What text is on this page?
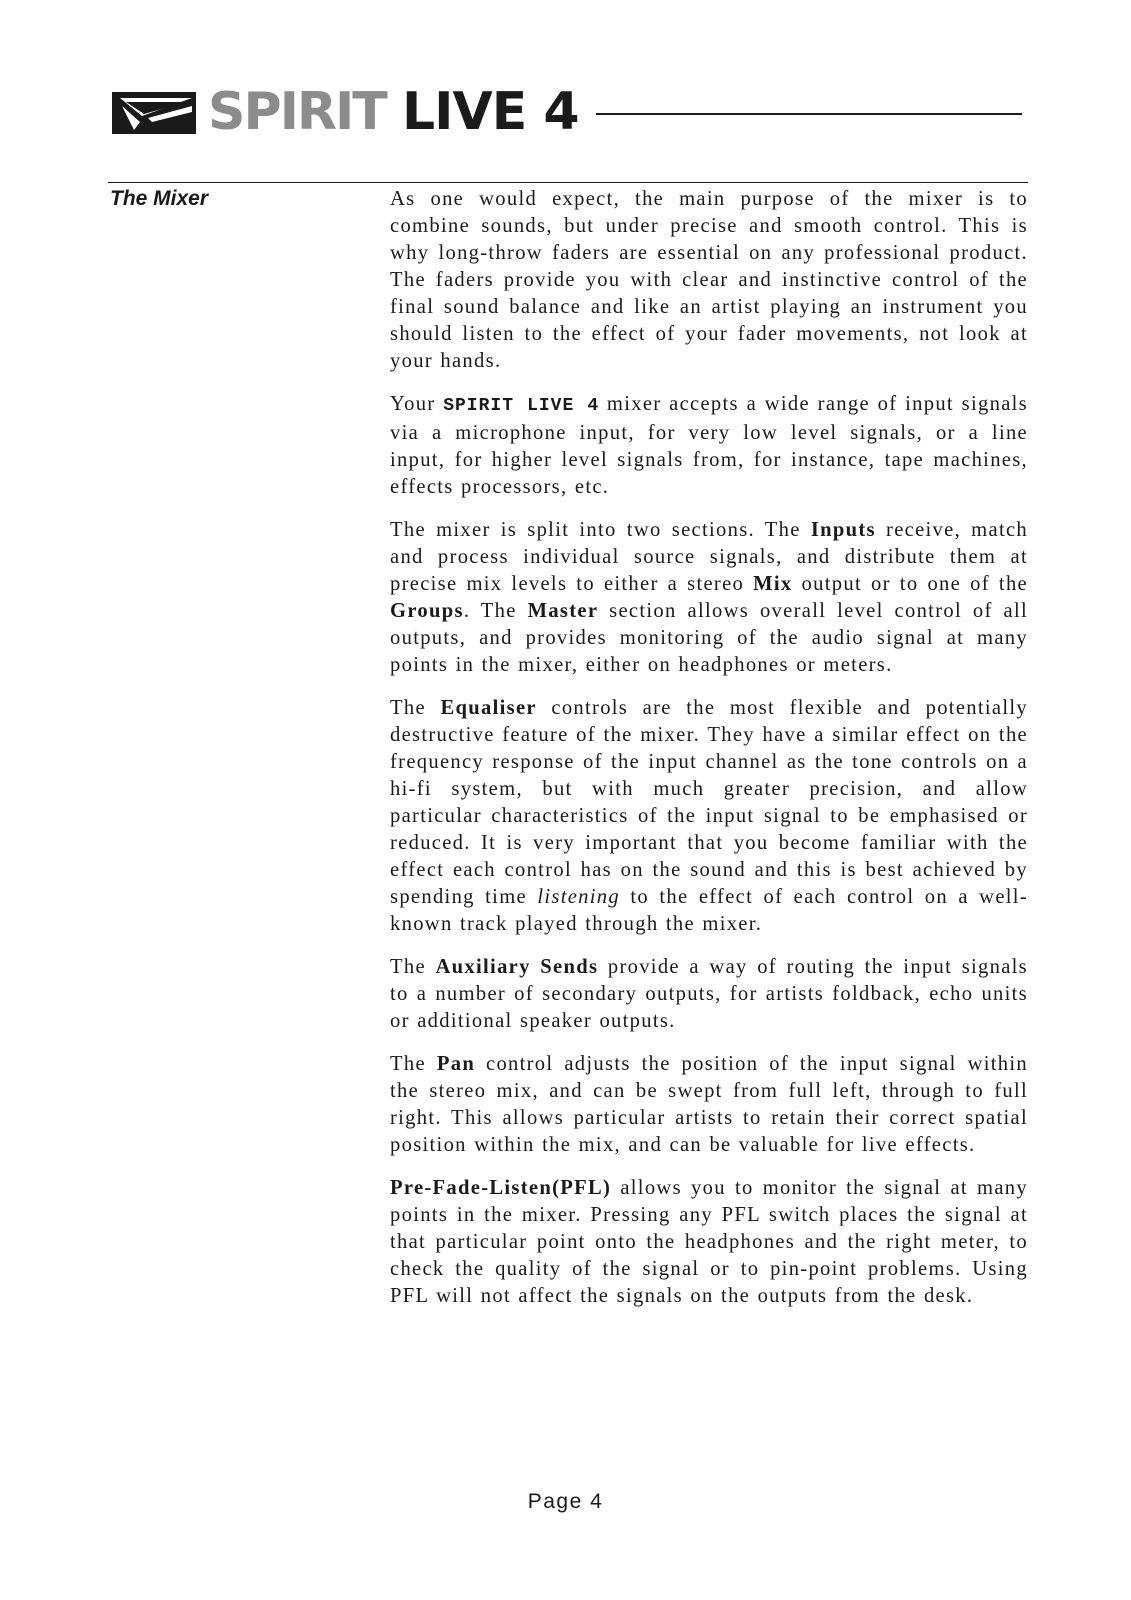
SPIRIT LIVE 4
The Mixer	As one would expect, the main purpose of the mixer is to combine sounds, but under precise and smooth control. This is why long-throw faders are essential on any professional product. The faders provide you with clear and instinctive control of the final sound balance and like an artist playing an instrument you should listen to the effect of your fader movements, not look at your hands.

Your SPIRIT LIVE 4 mixer accepts a wide range of input signals via a microphone input, for very low level signals, or a line input, for higher level signals from, for instance, tape machines, effects processors, etc.

The mixer is split into two sections. The Inputs receive, match and process individual source signals, and distribute them at precise mix levels to either a stereo Mix output or to one of the Groups. The Master section allows overall level control of all outputs, and provides monitoring of the audio signal at many points in the mixer, either on headphones or meters.

The Equaliser controls are the most flexible and potentially destructive feature of the mixer. They have a similar effect on the frequency response of the input channel as the tone controls on a hi-fi system, but with much greater precision, and allow particular characteristics of the input signal to be emphasised or reduced. It is very important that you become familiar with the effect each control has on the sound and this is best achieved by spending time listening to the effect of each control on a well-known track played through the mixer.

The Auxiliary Sends provide a way of routing the input signals to a number of secondary outputs, for artists foldback, echo units or additional speaker outputs.

The Pan control adjusts the position of the input signal within the stereo mix, and can be swept from full left, through to full right. This allows particular artists to retain their correct spatial position within the mix, and can be valuable for live effects.

Pre-Fade-Listen(PFL) allows you to monitor the signal at many points in the mixer. Pressing any PFL switch places the signal at that particular point onto the headphones and the right meter, to check the quality of the signal or to pin-point problems. Using PFL will not affect the signals on the outputs from the desk.

Page 4
